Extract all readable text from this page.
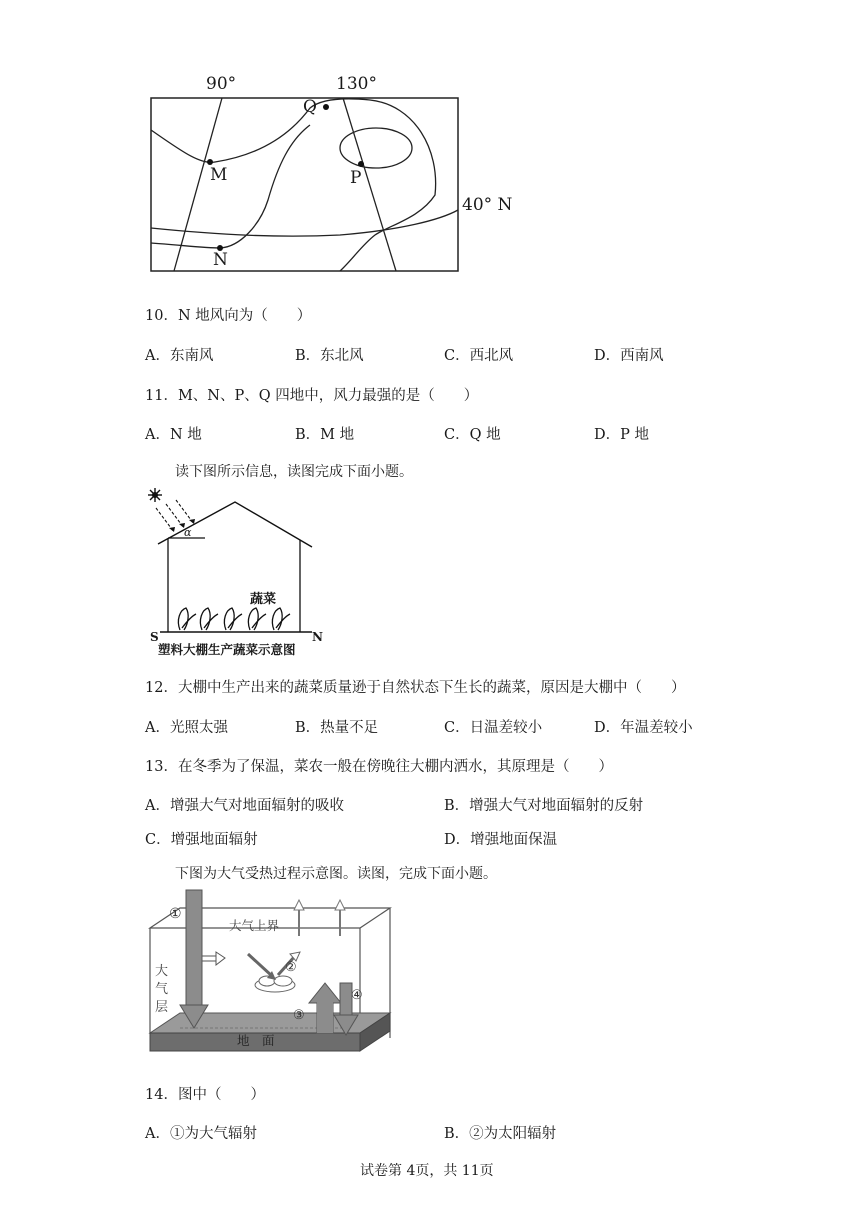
90°	130°
40° N
Q
M	P
N
10．N 地风向为（　　）
A．东南风	B．东北风	C．西北风	D．西南风
11．M、N、P、Q 四地中，风力最强的是（　　）
A．N 地	B．M 地	C．Q 地	D．P 地
读下图所示信息，读图完成下面小题。
α
蔬菜
S	N
塑料大棚生产蔬菜示意图
12．大棚中生产出来的蔬菜质量逊于自然状态下生长的蔬菜，原因是大棚中（　　）
A．光照太强	B．热量不足	C．日温差较小	D．年温差较小
13．在冬季为了保温，菜农一般在傍晚往大棚内洒水，其原理是（　　）
A．增强大气对地面辐射的吸收	B．增强大气对地面辐射的反射
C．增强地面辐射	D．增强地面保温
下图为大气受热过程示意图。读图，完成下面小题。
大气上界
大
气
层
地　面
①
②
③
④
14．图中（　　）
A．①为大气辐射	B．②为太阳辐射
试卷第 4页，共 11页
